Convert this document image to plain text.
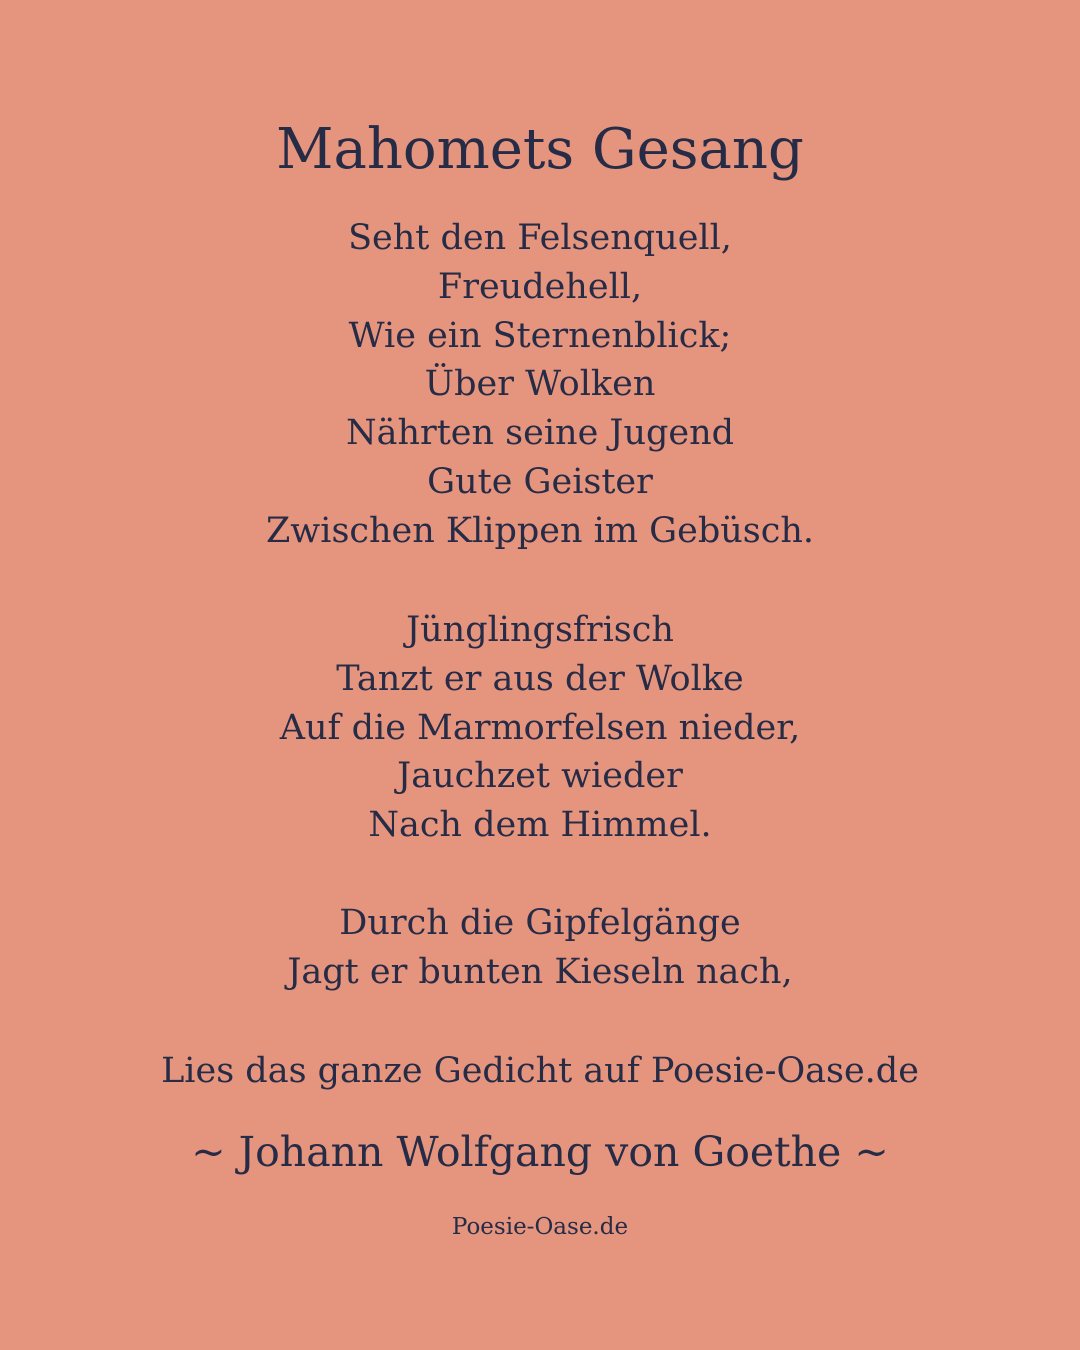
Mahomets Gesang
Seht den Felsenquell,
Freudehell,
Wie ein Sternenblick;
Über Wolken
Nährten seine Jugend
Gute Geister
Zwischen Klippen im Gebüsch.
Jünglingsfrisch
Tanzt er aus der Wolke
Auf die Marmorfelsen nieder,
Jauchzet wieder
Nach dem Himmel.
Durch die Gipfelgänge
Jagt er bunten Kieseln nach,
Lies das ganze Gedicht auf Poesie-Oase.de
~ Johann Wolfgang von Goethe ~
Poesie-Oase.de
